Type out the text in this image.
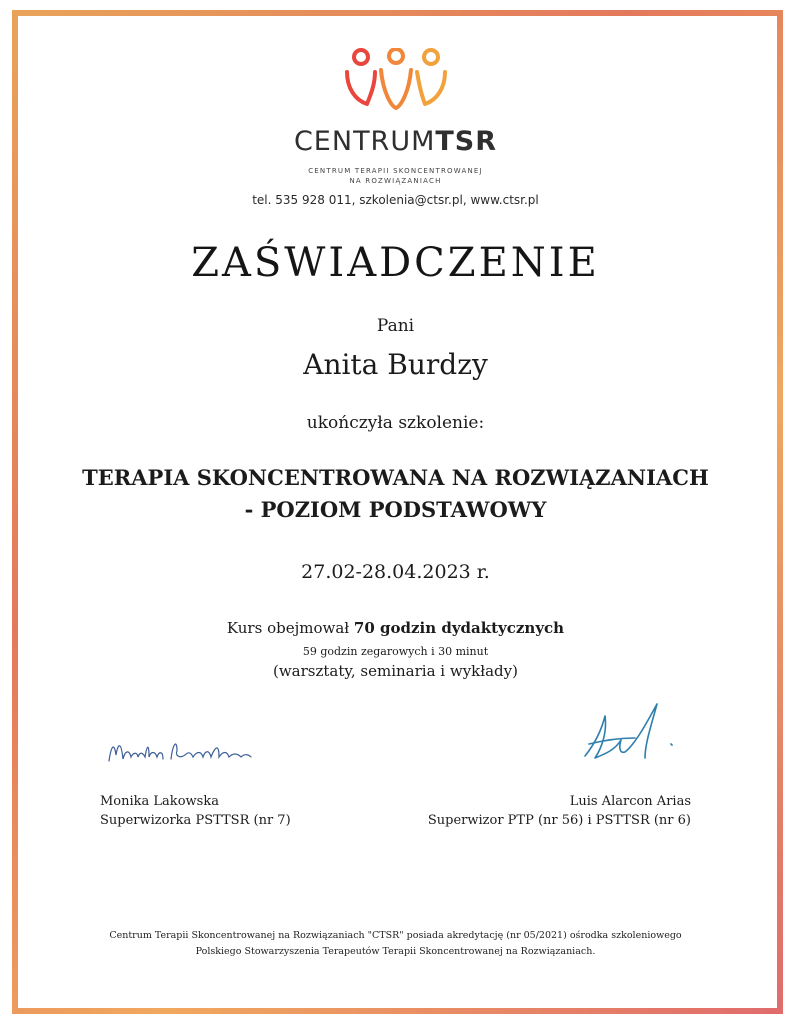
CENTRUMTSR
CENTRUM TERAPII SKONCENTROWANEJ
NA ROZWIĄZANIACH
tel. 535 928 011, szkolenia@ctsr.pl, www.ctsr.pl
ZAŚWIADCZENIE
Pani
Anita Burdzy
ukończyła szkolenie:
TERAPIA SKONCENTROWANA NA ROZWIĄZANIACH
- POZIOM PODSTAWOWY
27.02-28.04.2023 r.
Kurs obejmował 70 godzin dydaktycznych
59 godzin zegarowych i 30 minut
(warsztaty, seminaria i wykłady)
Monika Lakowska
Superwizorka PSTTSR (nr 7)
Luis Alarcon Arias
Superwizor PTP (nr 56) i PSTTSR (nr 6)
Centrum Terapii Skoncentrowanej na Rozwiązaniach "CTSR" posiada akredytację (nr 05/2021) ośrodka szkoleniowego
Polskiego Stowarzyszenia Terapeutów Terapii Skoncentrowanej na Rozwiązaniach.
